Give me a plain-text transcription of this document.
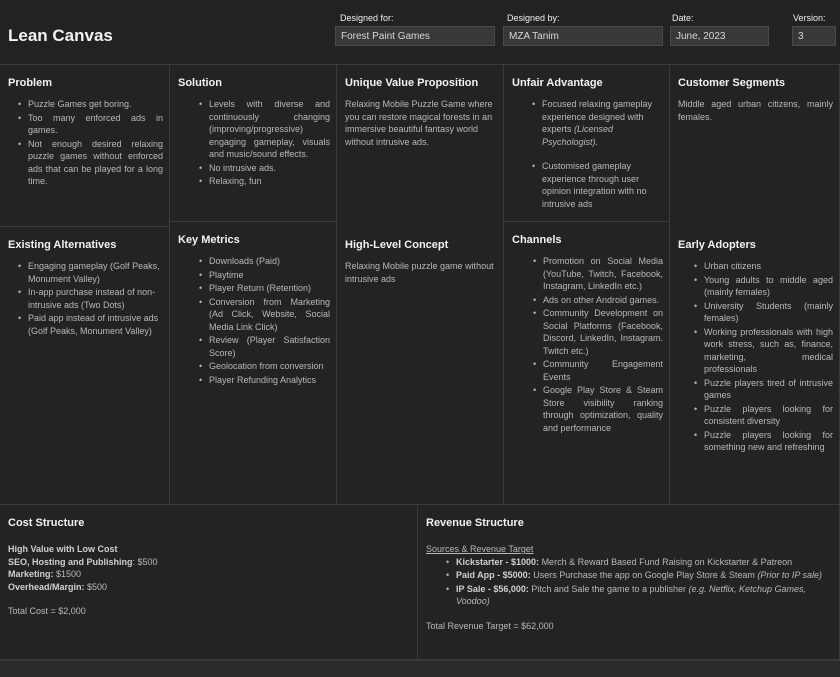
Lean Canvas
Designed for:
Forest Paint Games
Designed by:
MZA Tanim
Date:
June, 2023
Version:
3
Problem
• Puzzle Games get boring.
• Too many enforced ads in games.
• Not enough desired relaxing puzzle games without enforced ads that can be played for a long time.
Existing Alternatives
• Engaging gameplay (Golf Peaks, Monument Valley)
• In-app purchase instead of non-intrusive ads (Two Dots)
• Paid app instead of intrusive ads (Golf Peaks, Monument Valley)
Solution
• Levels with diverse and continuously changing (improving/progressive) engaging gameplay, visuals and music/sound effects.
• No intrusive ads.
• Relaxing, fun
Key Metrics
• Downloads (Paid)
• Playtime
• Player Return (Retention)
• Conversion from Marketing (Ad Click, Website, Social Media Link Click)
• Review (Player Satisfaction Score)
• Geolocation from conversion
• Player Refunding Analytics
Unique Value Proposition

Relaxing Mobile Puzzle Game where you can restore magical forests in an immersive beautiful fantasy world without intrusive ads.

High-Level Concept

Relaxing Mobile puzzle game without intrusive ads

Unfair Advantage
• Focused relaxing gameplay experience designed with experts (Licensed Psychologist).
• Customised gameplay experience through user opinion integration with no intrusive ads
Channels
• Promotion on Social Media (YouTube, Twitch, Facebook, Instagram, LinkedIn etc.)
• Ads on other Android games.
• Community Development on Social Platforms (Facebook, Discord, LinkedIn, Instagram. Twitch etc.)
• Community Engagement Events
• Google Play Store & Steam Store visibility ranking through optimization, quality and performance
Customer Segments

Middle aged urban citizens, mainly females.

Early Adopters
• Urban citizens
• Young adults to middle aged (mainly females)
• University Students (mainly females)
• Working professionals with high work stress, such as, finance, marketing, medical professionals
• Puzzle players tired of intrusive games
• Puzzle players looking for consistent diversity
• Puzzle players looking for something new and refreshing
Cost Structure

High Value with Low Cost

SEO, Hosting and Publishing: $500

Marketing: $1500

Overhead/Margin: $500

Total Cost = $2,000

Revenue Structure

Sources & Revenue Target

• Kickstarter - $1000: Merch & Reward Based Fund Raising on Kickstarter & Patreon
• Paid App - $5000: Users Purchase the app on Google Play Store & Steam (Prior to IP sale)
• IP Sale - $56,000: Pitch and Sale the game to a publisher (e.g. Netflix, Ketchup Games, Voodoo)

Total Revenue Target = $62,000
